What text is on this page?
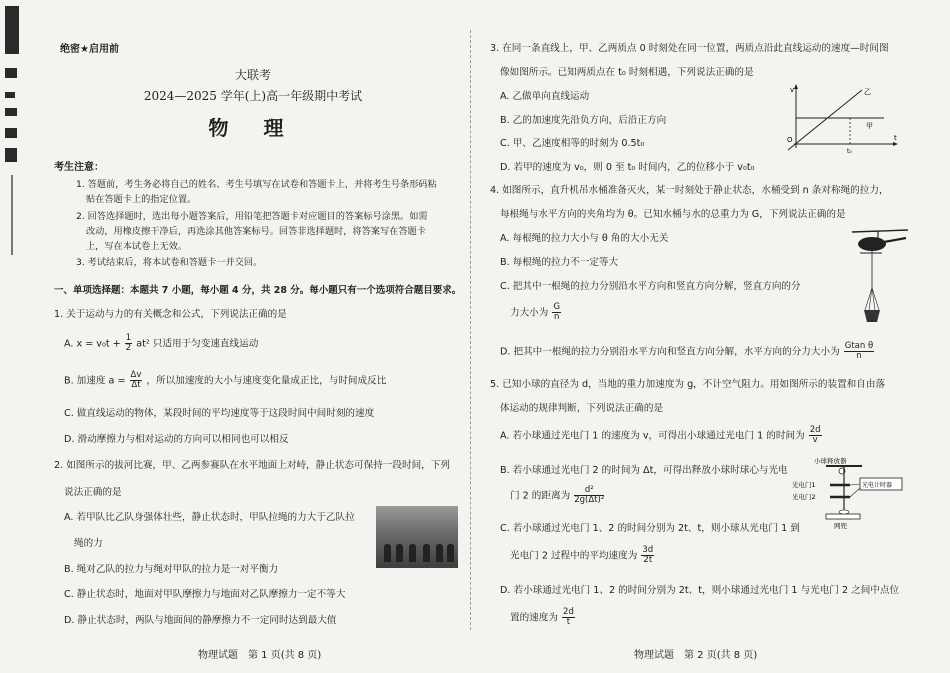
绝密★启用前
大联考
2024—2025 学年(上)高一年级期中考试
物 理
考生注意：
1. 答题前，考生务必将自己的姓名、考生号填写在试卷和答题卡上，并将考生号条形码粘
贴在答题卡上的指定位置。
2. 回答选择题时，选出每小题答案后，用铅笔把答题卡对应题目的答案标号涂黑。如需
改动，用橡皮擦干净后，再选涂其他答案标号。回答非选择题时，将答案写在答题卡
上，写在本试卷上无效。
3. 考试结束后，将本试卷和答题卡一并交回。
一、单项选择题：本题共 7 小题，每小题 4 分，共 28 分。每小题只有一个选项符合题目要求。
1. 关于运动与力的有关概念和公式，下列说法正确的是
A. $x = v_0t + \frac{1}{2} at^2$ 只适用于匀变速直线运动
B. 加速度 $a = \frac{\Delta v}{\Delta t}$ ，所以加速度的大小与速度变化量成正比，与时间成反比
C. 做直线运动的物体，某段时间的平均速度等于这段时间中间时刻的速度
D. 滑动摩擦力与相对运动的方向可以相同也可以相反
2. 如图所示的拔河比赛，甲、乙两参赛队在水平地面上对峙，静止状态可保持一段时间，下列
说法正确的是
A. 若甲队比乙队身强体壮些，静止状态时，甲队拉绳的力大于乙队拉
绳的力
B. 绳对乙队的拉力与绳对甲队的拉力是一对平衡力
C. 静止状态时，地面对甲队摩擦力与地面对乙队摩擦力一定不等大
D. 静止状态时，两队与地面间的静摩擦力不一定同时达到最大值
物理试题　第 1 页(共 8 页)
3. 在同一条直线上，甲、乙两质点 0 时刻处在同一位置，两质点沿此直线运动的速度—时间图
像如图所示。已知两质点在 t₀ 时刻相遇，下列说法正确的是
A. 乙做单向直线运动
B. 乙的加速度先沿负方向，后沿正方向
C. 甲、乙速度相等的时刻为 0.5t₀
D. 若甲的速度为 v₀，则 0 至 t₀ 时间内，乙的位移小于 v₀t₀
v
t
O
t₀
乙
甲
4. 如图所示，直升机吊水桶准备灭火，某一时刻处于静止状态，水桶受到 n 条对称绳的拉力，
每根绳与水平方向的夹角均为 θ。已知水桶与水的总重力为 G，下列说法正确的是
A. 每根绳的拉力大小与 θ 角的大小无关
B. 每根绳的拉力不一定等大
C. 把其中一根绳的拉力分别沿水平方向和竖直方向分解，竖直方向的分
力大小为 $\frac{G}{n}$
D. 把其中一根绳的拉力分别沿水平方向和竖直方向分解，水平方向的分力大小为 $\frac{\text{Gtan θ}}{n}$
5. 已知小球的直径为 d，当地的重力加速度为 g，不计空气阻力。用如图所示的装置和自由落
体运动的规律判断，下列说法正确的是
A. 若小球通过光电门 1 的速度为 v，可得出小球通过光电门 1 的时间为 $\frac{2d}{v}$
B. 若小球通过光电门 2 的时间为 Δt，可得出释放小球时球心与光电
门 2 的距离为 $\frac{\text{d²}}{\text{2g(Δt)²}}$
C. 若小球通过光电门 1、2 的时间分别为 2t、t，则小球从光电门 1 到
光电门 2 过程中的平均速度为 $\frac{3d}{2t}$
D. 若小球通过光电门 1、2 的时间分别为 2t、t，则小球通过光电门 1 与光电门 2 之间中点位
置的速度为 $\frac{2d}{t}$
小球释放器
光电门1
光电门2
光电计时器
网兜
物理试题　第 2 页(共 8 页)
